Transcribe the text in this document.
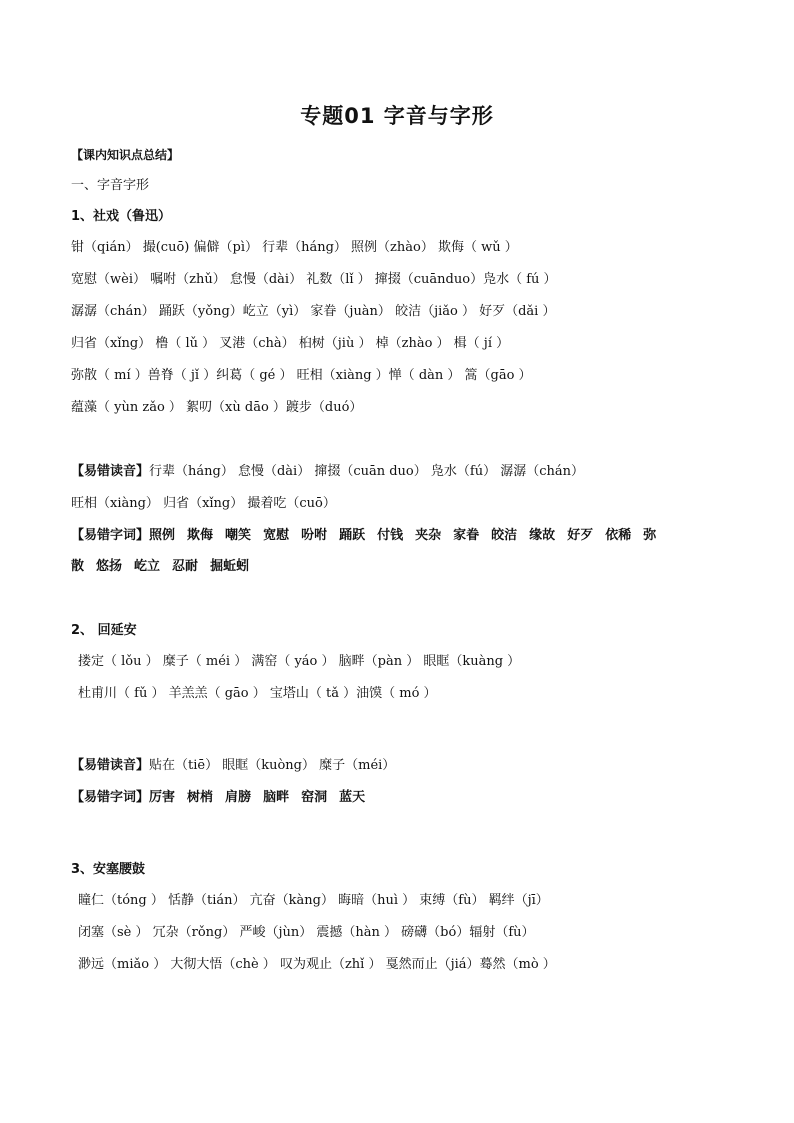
专题01 字音与字形
【课内知识点总结】
一、字音字形
1、社戏（鲁迅）
钳（qián） 撮(cuō) 偏僻（pì） 行辈（háng） 照例（zhào） 欺侮（ wǔ ）
宽慰（wèi） 嘱咐（zhǔ） 怠慢（dài） 礼数（lǐ ） 撺掇（cuānduo）凫水（ fú ）
潺潺（chán） 踊跃（yǒng）屹立（yì） 家眷（juàn） 皎洁（jiǎo ） 好歹（dǎi ）
归省（xǐng） 橹（ lǔ ） 叉港（chà） 桕树（jiù ） 棹（zhào ） 楫（ jí ）
弥散（ mí ）兽脊（ jǐ ）纠葛（ gé ） 旺相（xiàng ）惮（ dàn ） 篙（gāo ）
蕴藻（ yùn zǎo ） 絮叨（xù dāo ）踱步（duó）
【易错读音】行辈（háng） 怠慢（dài） 撺掇（cuān duo） 凫水（fú） 潺潺（chán）
旺相（xiàng） 归省（xǐng） 撮着吃（cuō）
【易错字词】照例 欺侮 嘲笑 宽慰 吩咐 踊跃 付钱 夹杂 家眷 皎洁 缘故 好歹 依稀 弥
散 悠扬 屹立 忍耐 掘蚯蚓
2、 回延安
搂定（ lǒu ） 糜子（ méi ） 满窑（ yáo ） 脑畔（pàn ） 眼眶（kuàng ）
杜甫川（ fǔ ） 羊羔羔（ gāo ） 宝塔山（ tǎ ）油馍（ mó ）
【易错读音】贴在（tiē） 眼眶（kuòng） 糜子（méi）
【易错字词】厉害 树梢 肩膀 脑畔 窑洞 蓝天
3、安塞腰鼓
瞳仁（tóng ） 恬静（tián） 亢奋（kàng） 晦暗（huì ） 束缚（fù） 羁绊（jī）
闭塞（sè ） 冗杂（rǒng） 严峻（jùn） 震撼（hàn ） 磅礴（bó）辐射（fù）
渺远（miǎo ） 大彻大悟（chè ） 叹为观止（zhǐ ） 戛然而止（jiá）蓦然（mò ）
